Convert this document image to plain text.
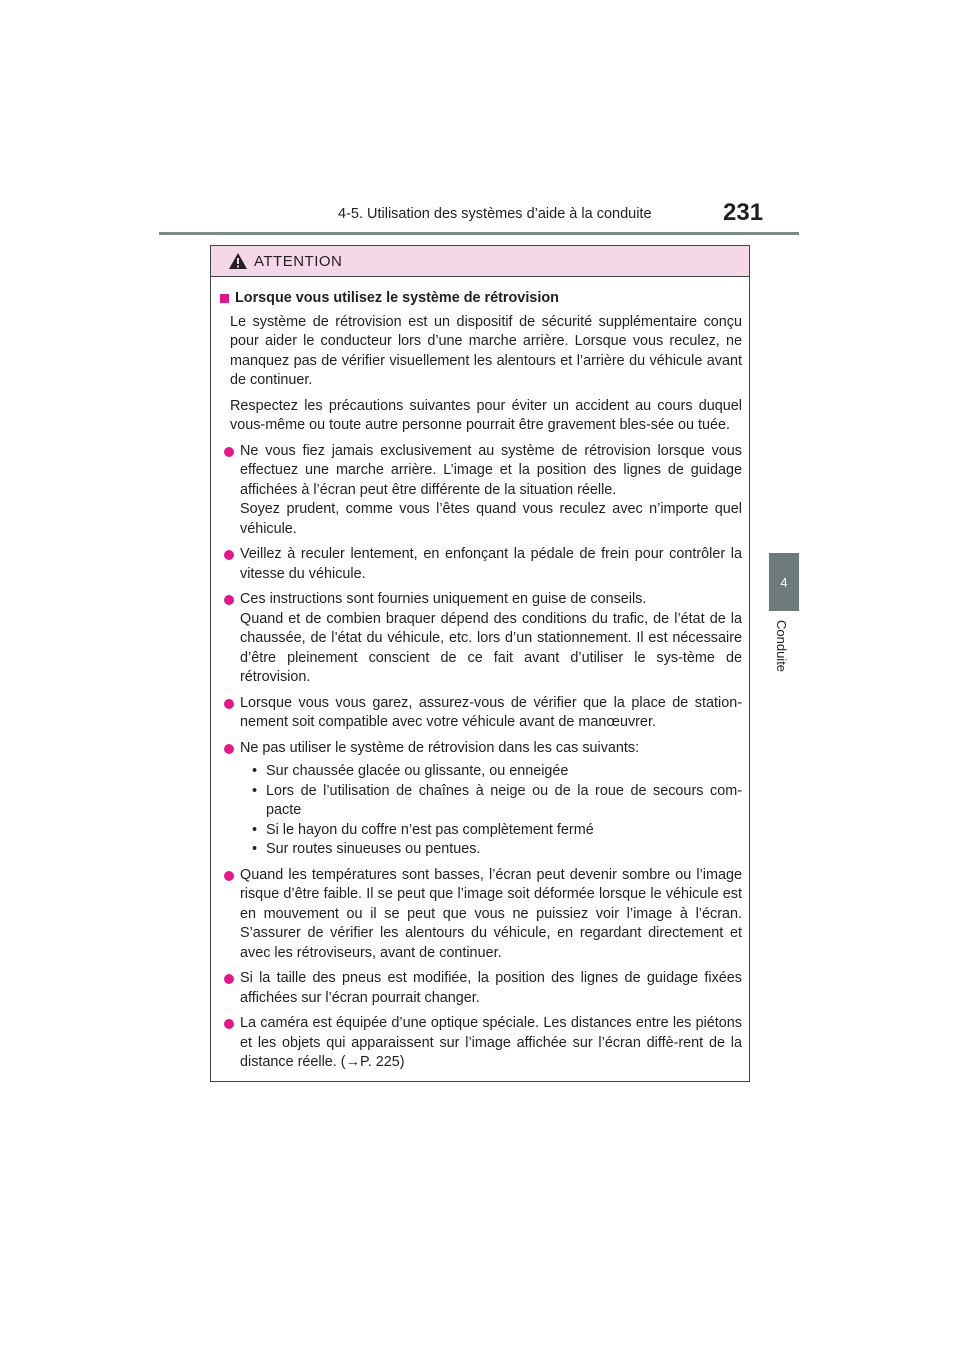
4-5. Utilisation des systèmes d’aide à la conduite	231
4
Conduite
ATTENTION
Lorsque vous utilisez le système de rétrovision
Le système de rétrovision est un dispositif de sécurité supplémentaire conçu pour aider le conducteur lors d’une marche arrière. Lorsque vous reculez, ne manquez pas de vérifier visuellement les alentours et l’arrière du véhicule avant de continuer.
Respectez les précautions suivantes pour éviter un accident au cours duquel vous-même ou toute autre personne pourrait être gravement bles-sée ou tuée.

Ne vous fiez jamais exclusivement au système de rétrovision lorsque vous effectuez une marche arrière. L’image et la position des lignes de guidage affichées à l’écran peut être différente de la situation réelle.

Soyez prudent, comme vous l’êtes quand vous reculez avec n’importe quel véhicule.

Veillez à reculer lentement, en enfonçant la pédale de frein pour contrôler la vitesse du véhicule.

Ces instructions sont fournies uniquement en guise de conseils.

Quand et de combien braquer dépend des conditions du trafic, de l’état de la chaussée, de l’état du véhicule, etc. lors d’un stationnement. Il est nécessaire d’être pleinement conscient de ce fait avant d’utiliser le sys-tème de rétrovision.

Lorsque vous vous garez, assurez-vous de vérifier que la place de station-nement soit compatible avec votre véhicule avant de manœuvrer.

Ne pas utiliser le système de rétrovision dans les cas suivants:

• Sur chaussée glacée ou glissante, ou enneigée
• Lors de l’utilisation de chaînes à neige ou de la roue de secours com-pacte
• Si le hayon du coffre n’est pas complètement fermé
• Sur routes sinueuses ou pentues.

Quand les températures sont basses, l’écran peut devenir sombre ou l’image risque d’être faible. Il se peut que l’image soit déformée lorsque le véhicule est en mouvement ou il se peut que vous ne puissiez voir l’image à l’écran. S’assurer de vérifier les alentours du véhicule, en regardant directement et avec les rétroviseurs, avant de continuer.

Si la taille des pneus est modifiée, la position des lignes de guidage fixées affichées sur l’écran pourrait changer.

La caméra est équipée d’une optique spéciale. Les distances entre les piétons et les objets qui apparaissent sur l’image affichée sur l’écran diffè-rent de la distance réelle. (→P. 225)
